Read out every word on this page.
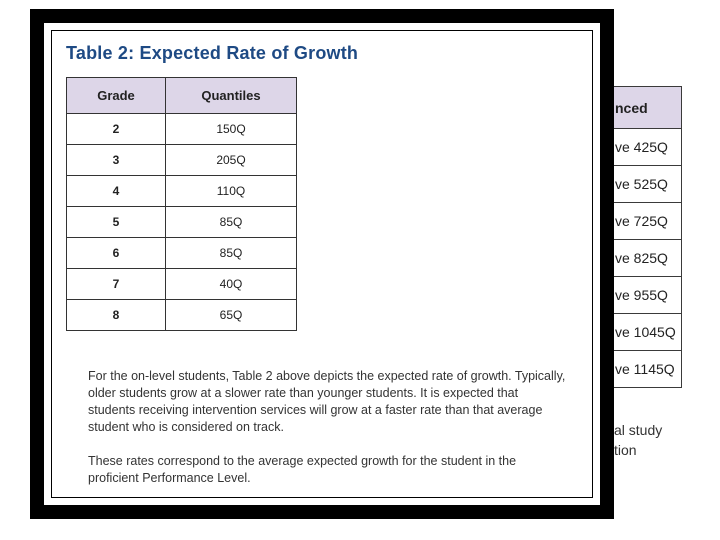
nced

ve 425Q

ve 525Q

ve 725Q

ve 825Q

ve 955Q

ve 1045Q

ve 1145Q
al study
tion
Table 2: Expected Rate of Growth
Grade	Quantiles
2	150Q
3	205Q
4	110Q
5	85Q
6	85Q
7	40Q
8	65Q

For the on-level students, Table 2 above depicts the expected rate of growth. Typically, older students grow at a slower rate than younger students. It is expected that students receiving intervention services will grow at a faster rate than that average student who is considered on track.

These rates correspond to the average expected growth for the student in the proficient Performance Level.
